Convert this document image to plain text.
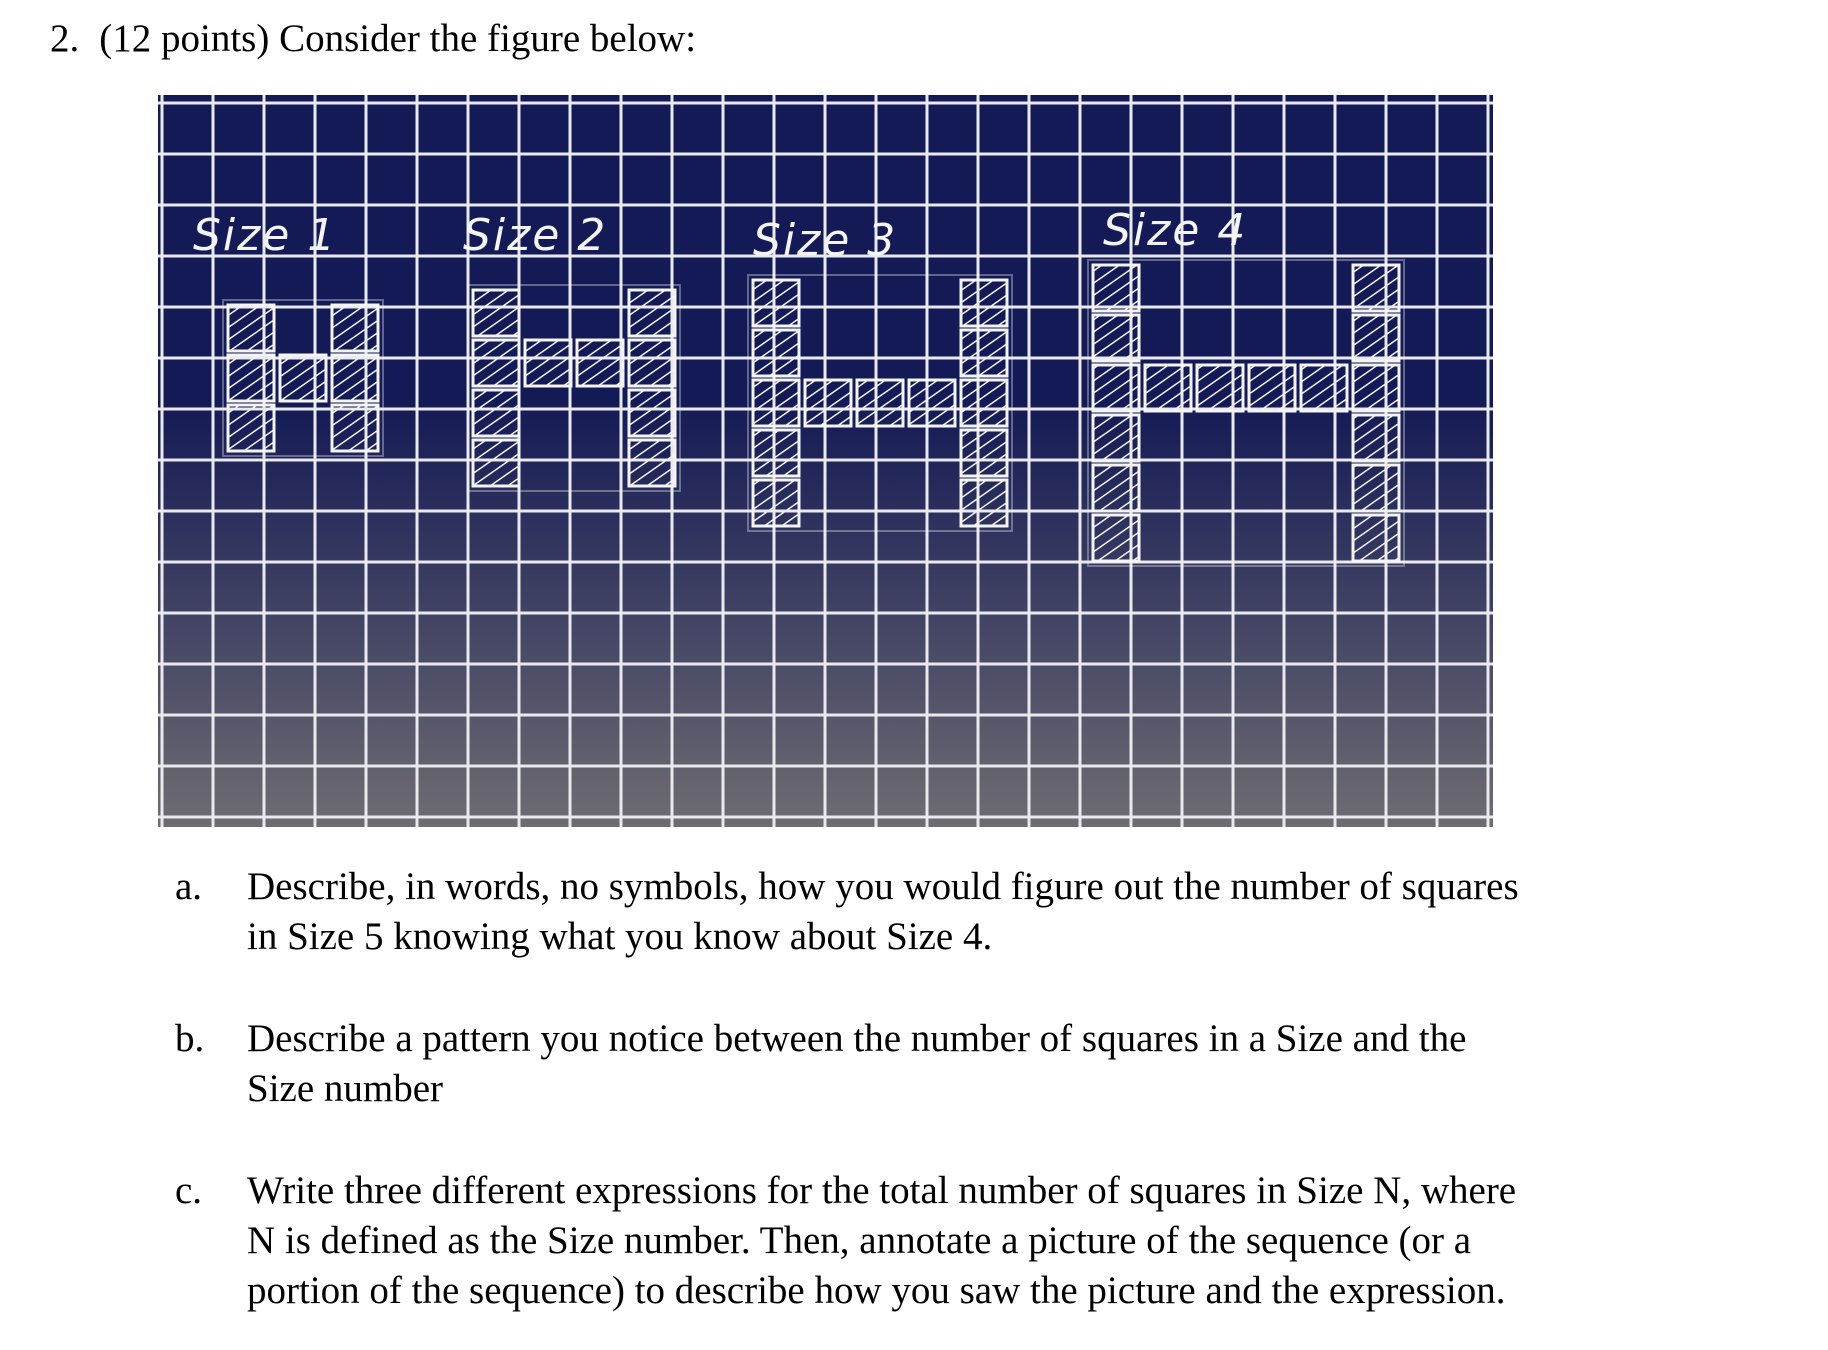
2. (12 points) Consider the figure below:
Size 1	Size 2	Size 3	Size 4
a. Describe, in words, no symbols, how you would figure out the number of squares
in Size 5 knowing what you know about Size 4.
b. Describe a pattern you notice between the number of squares in a Size and the
Size number
c. Write three different expressions for the total number of squares in Size N, where
N is defined as the Size number. Then, annotate a picture of the sequence (or a
portion of the sequence) to describe how you saw the picture and the expression.
